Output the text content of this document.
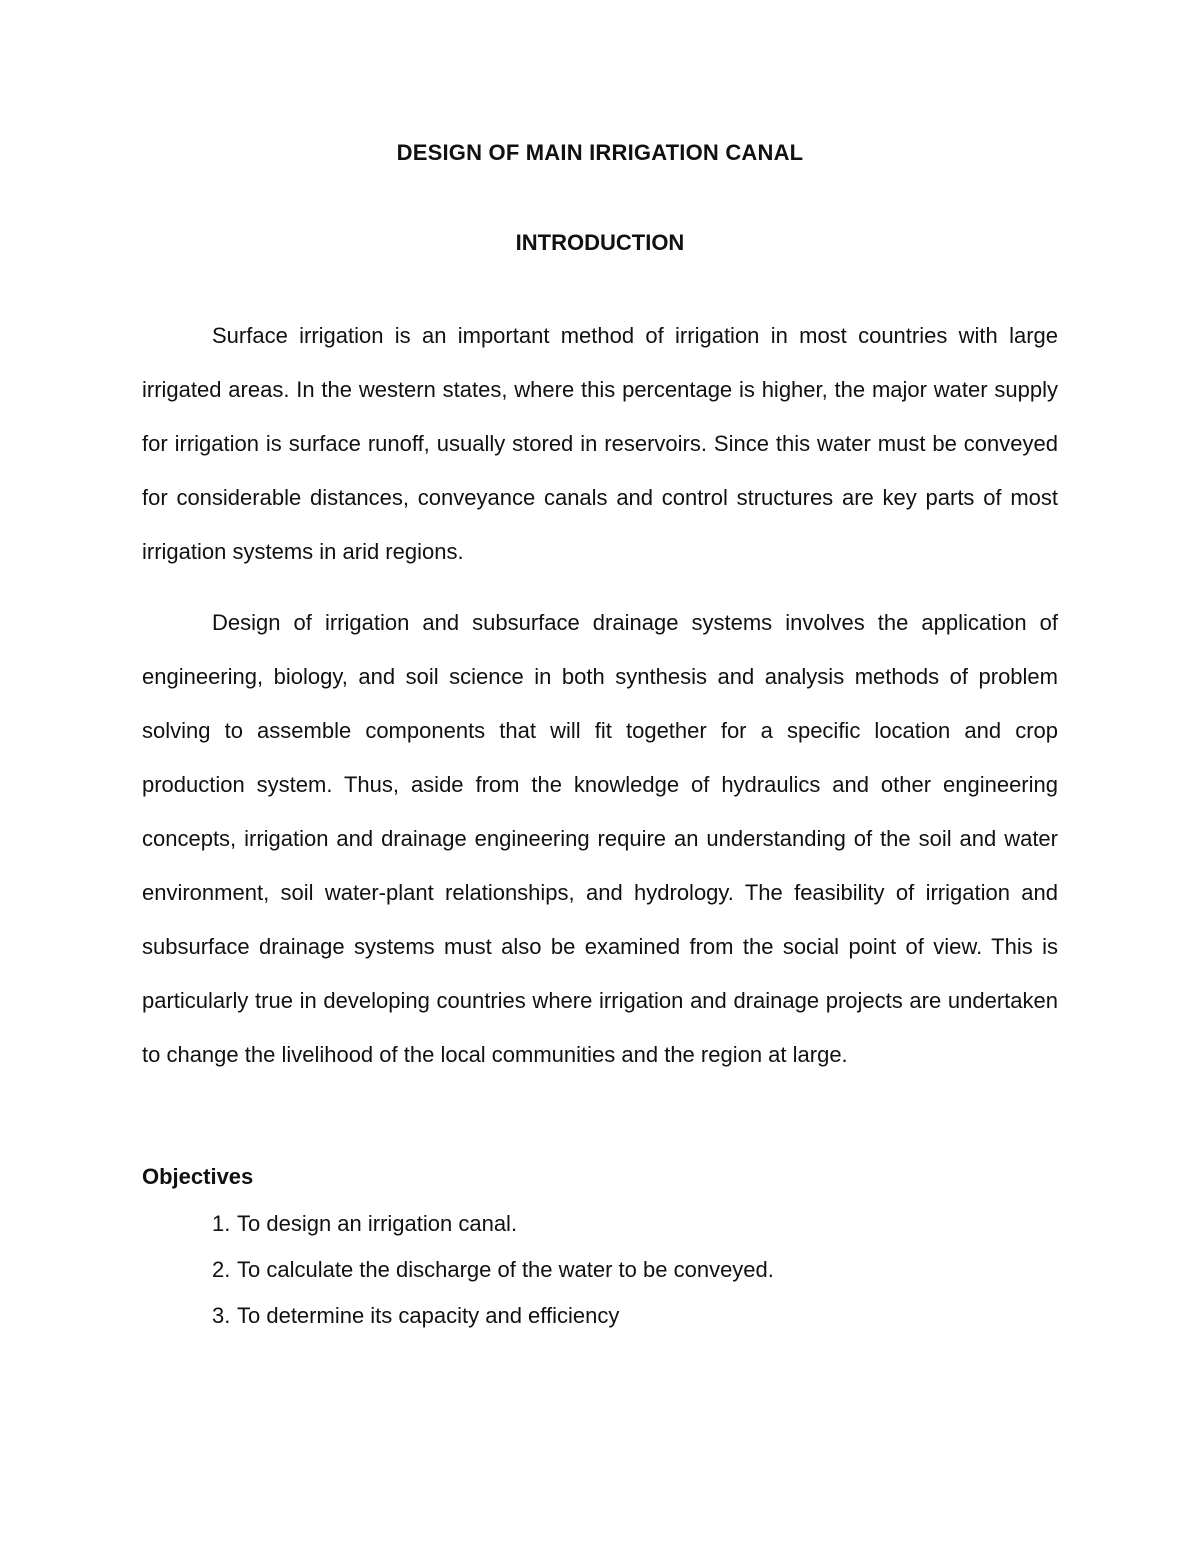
DESIGN OF MAIN IRRIGATION CANAL
INTRODUCTION

Surface irrigation is an important method of irrigation in most countries with large irrigated areas. In the western states, where this percentage is higher, the major water supply for irrigation is surface runoff, usually stored in reservoirs. Since this water must be conveyed for considerable distances, conveyance canals and control structures are key parts of most irrigation systems in arid regions.

Design of irrigation and subsurface drainage systems involves the application of engineering, biology, and soil science in both synthesis and analysis methods of problem solving to assemble components that will fit together for a specific location and crop production system. Thus, aside from the knowledge of hydraulics and other engineering concepts, irrigation and drainage engineering require an understanding of the soil and water environment, soil water-plant relationships, and hydrology. The feasibility of irrigation and subsurface drainage systems must also be examined from the social point of view. This is particularly true in developing countries where irrigation and drainage projects are undertaken to change the livelihood of the local communities and the region at large.

Objectives
1. To design an irrigation canal.
2. To calculate the discharge of the water to be conveyed.
3. To determine its capacity and efficiency
